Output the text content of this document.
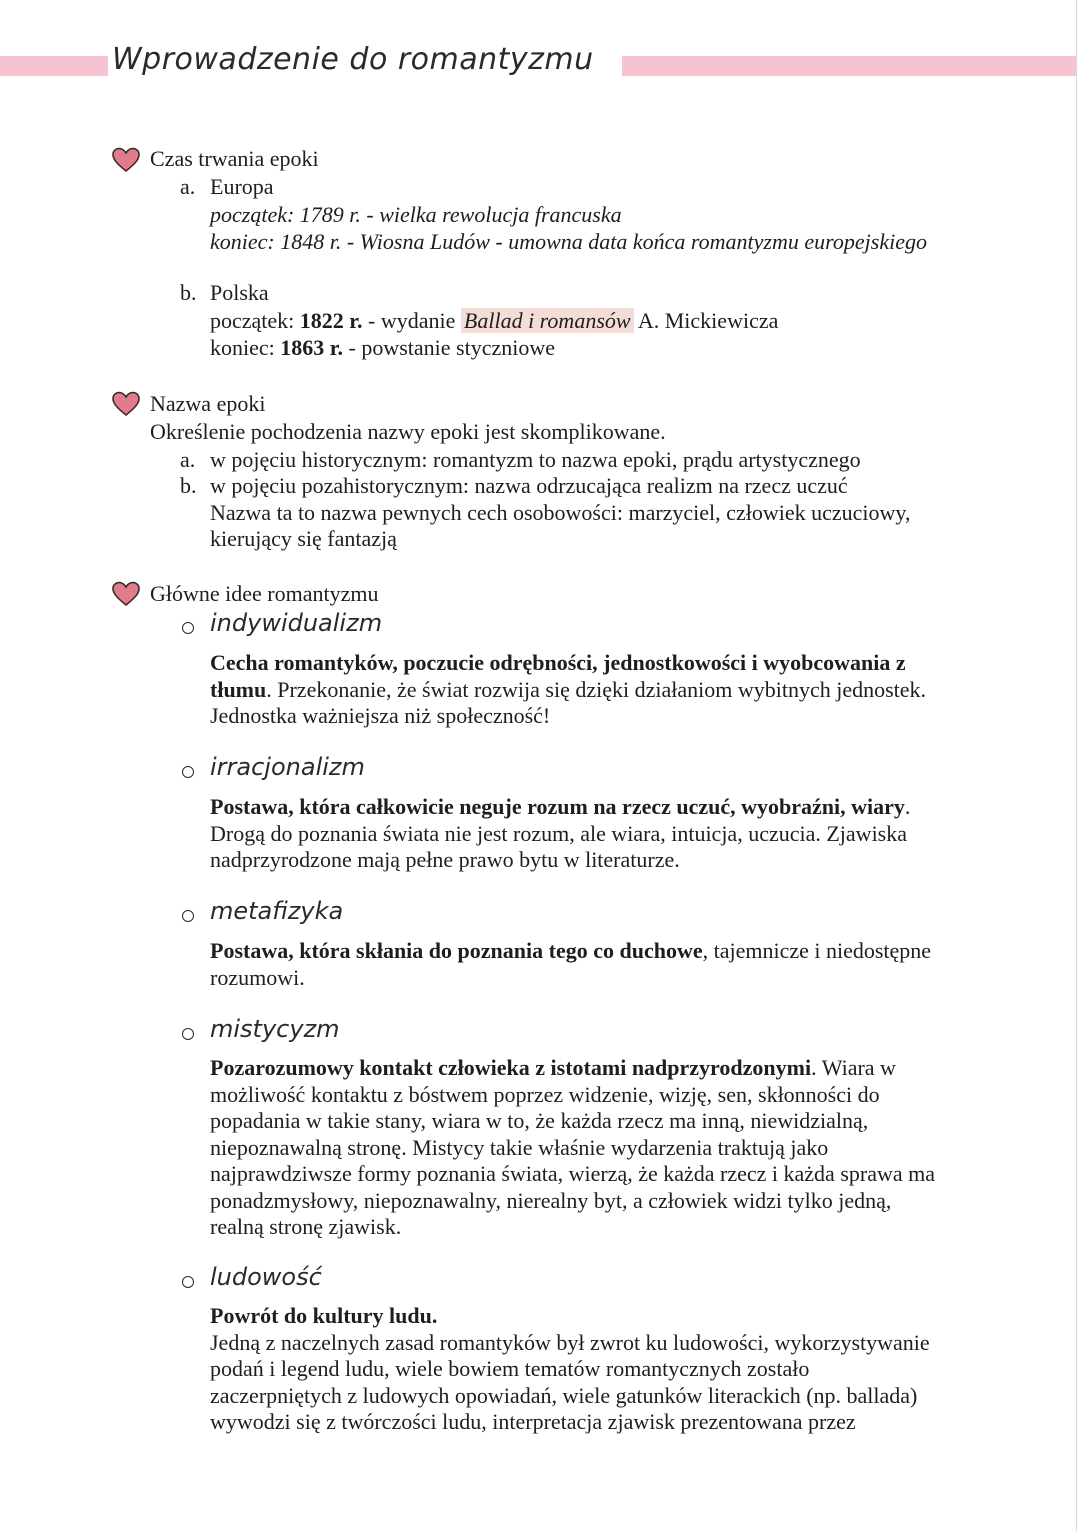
Wprowadzenie do romantyzmu
Czas trwania epoki
a. Europa
początek: 1789 r. - wielka rewolucja francuska
koniec: 1848 r. - Wiosna Ludów - umowna data końca romantyzmu europejskiego
b. Polska
początek: 1822 r. - wydanie Ballad i romansów A. Mickiewicza
koniec: 1863 r. - powstanie styczniowe
Nazwa epoki
Określenie pochodzenia nazwy epoki jest skomplikowane.
a. w pojęciu historycznym: romantyzm to nazwa epoki, prądu artystycznego
b. w pojęciu pozahistorycznym: nazwa odrzucająca realizm na rzecz uczuć
Nazwa ta to nazwa pewnych cech osobowości: marzyciel, człowiek uczuciowy,
kierujący się fantazją
Główne idee romantyzmu
indywidualizm
Cecha romantyków, poczucie odrębności, jednostkowości i wyobcowania z
tłumu. Przekonanie, że świat rozwija się dzięki działaniom wybitnych jednostek.
Jednostka ważniejsza niż społeczność!
irracjonalizm
Postawa, która całkowicie neguje rozum na rzecz uczuć, wyobraźni, wiary.
Drogą do poznania świata nie jest rozum, ale wiara, intuicja, uczucia. Zjawiska
nadprzyrodzone mają pełne prawo bytu w literaturze.
metafizyka
Postawa, która skłania do poznania tego co duchowe, tajemnicze i niedostępne
rozumowi.
mistycyzm
Pozarozumowy kontakt człowieka z istotami nadprzyrodzonymi. Wiara w
możliwość kontaktu z bóstwem poprzez widzenie, wizję, sen, skłonności do
popadania w takie stany, wiara w to, że każda rzecz ma inną, niewidzialną,
niepoznawalną stronę. Mistycy takie właśnie wydarzenia traktują jako
najprawdziwsze formy poznania świata, wierzą, że każda rzecz i każda sprawa ma
ponadzmysłowy, niepoznawalny, nierealny byt, a człowiek widzi tylko jedną,
realną stronę zjawisk.
ludowość
Powrót do kultury ludu.
Jedną z naczelnych zasad romantyków był zwrot ku ludowości, wykorzystywanie
podań i legend ludu, wiele bowiem tematów romantycznych zostało
zaczerpniętych z ludowych opowiadań, wiele gatunków literackich (np. ballada)
wywodzi się z twórczości ludu, interpretacja zjawisk prezentowana przez
